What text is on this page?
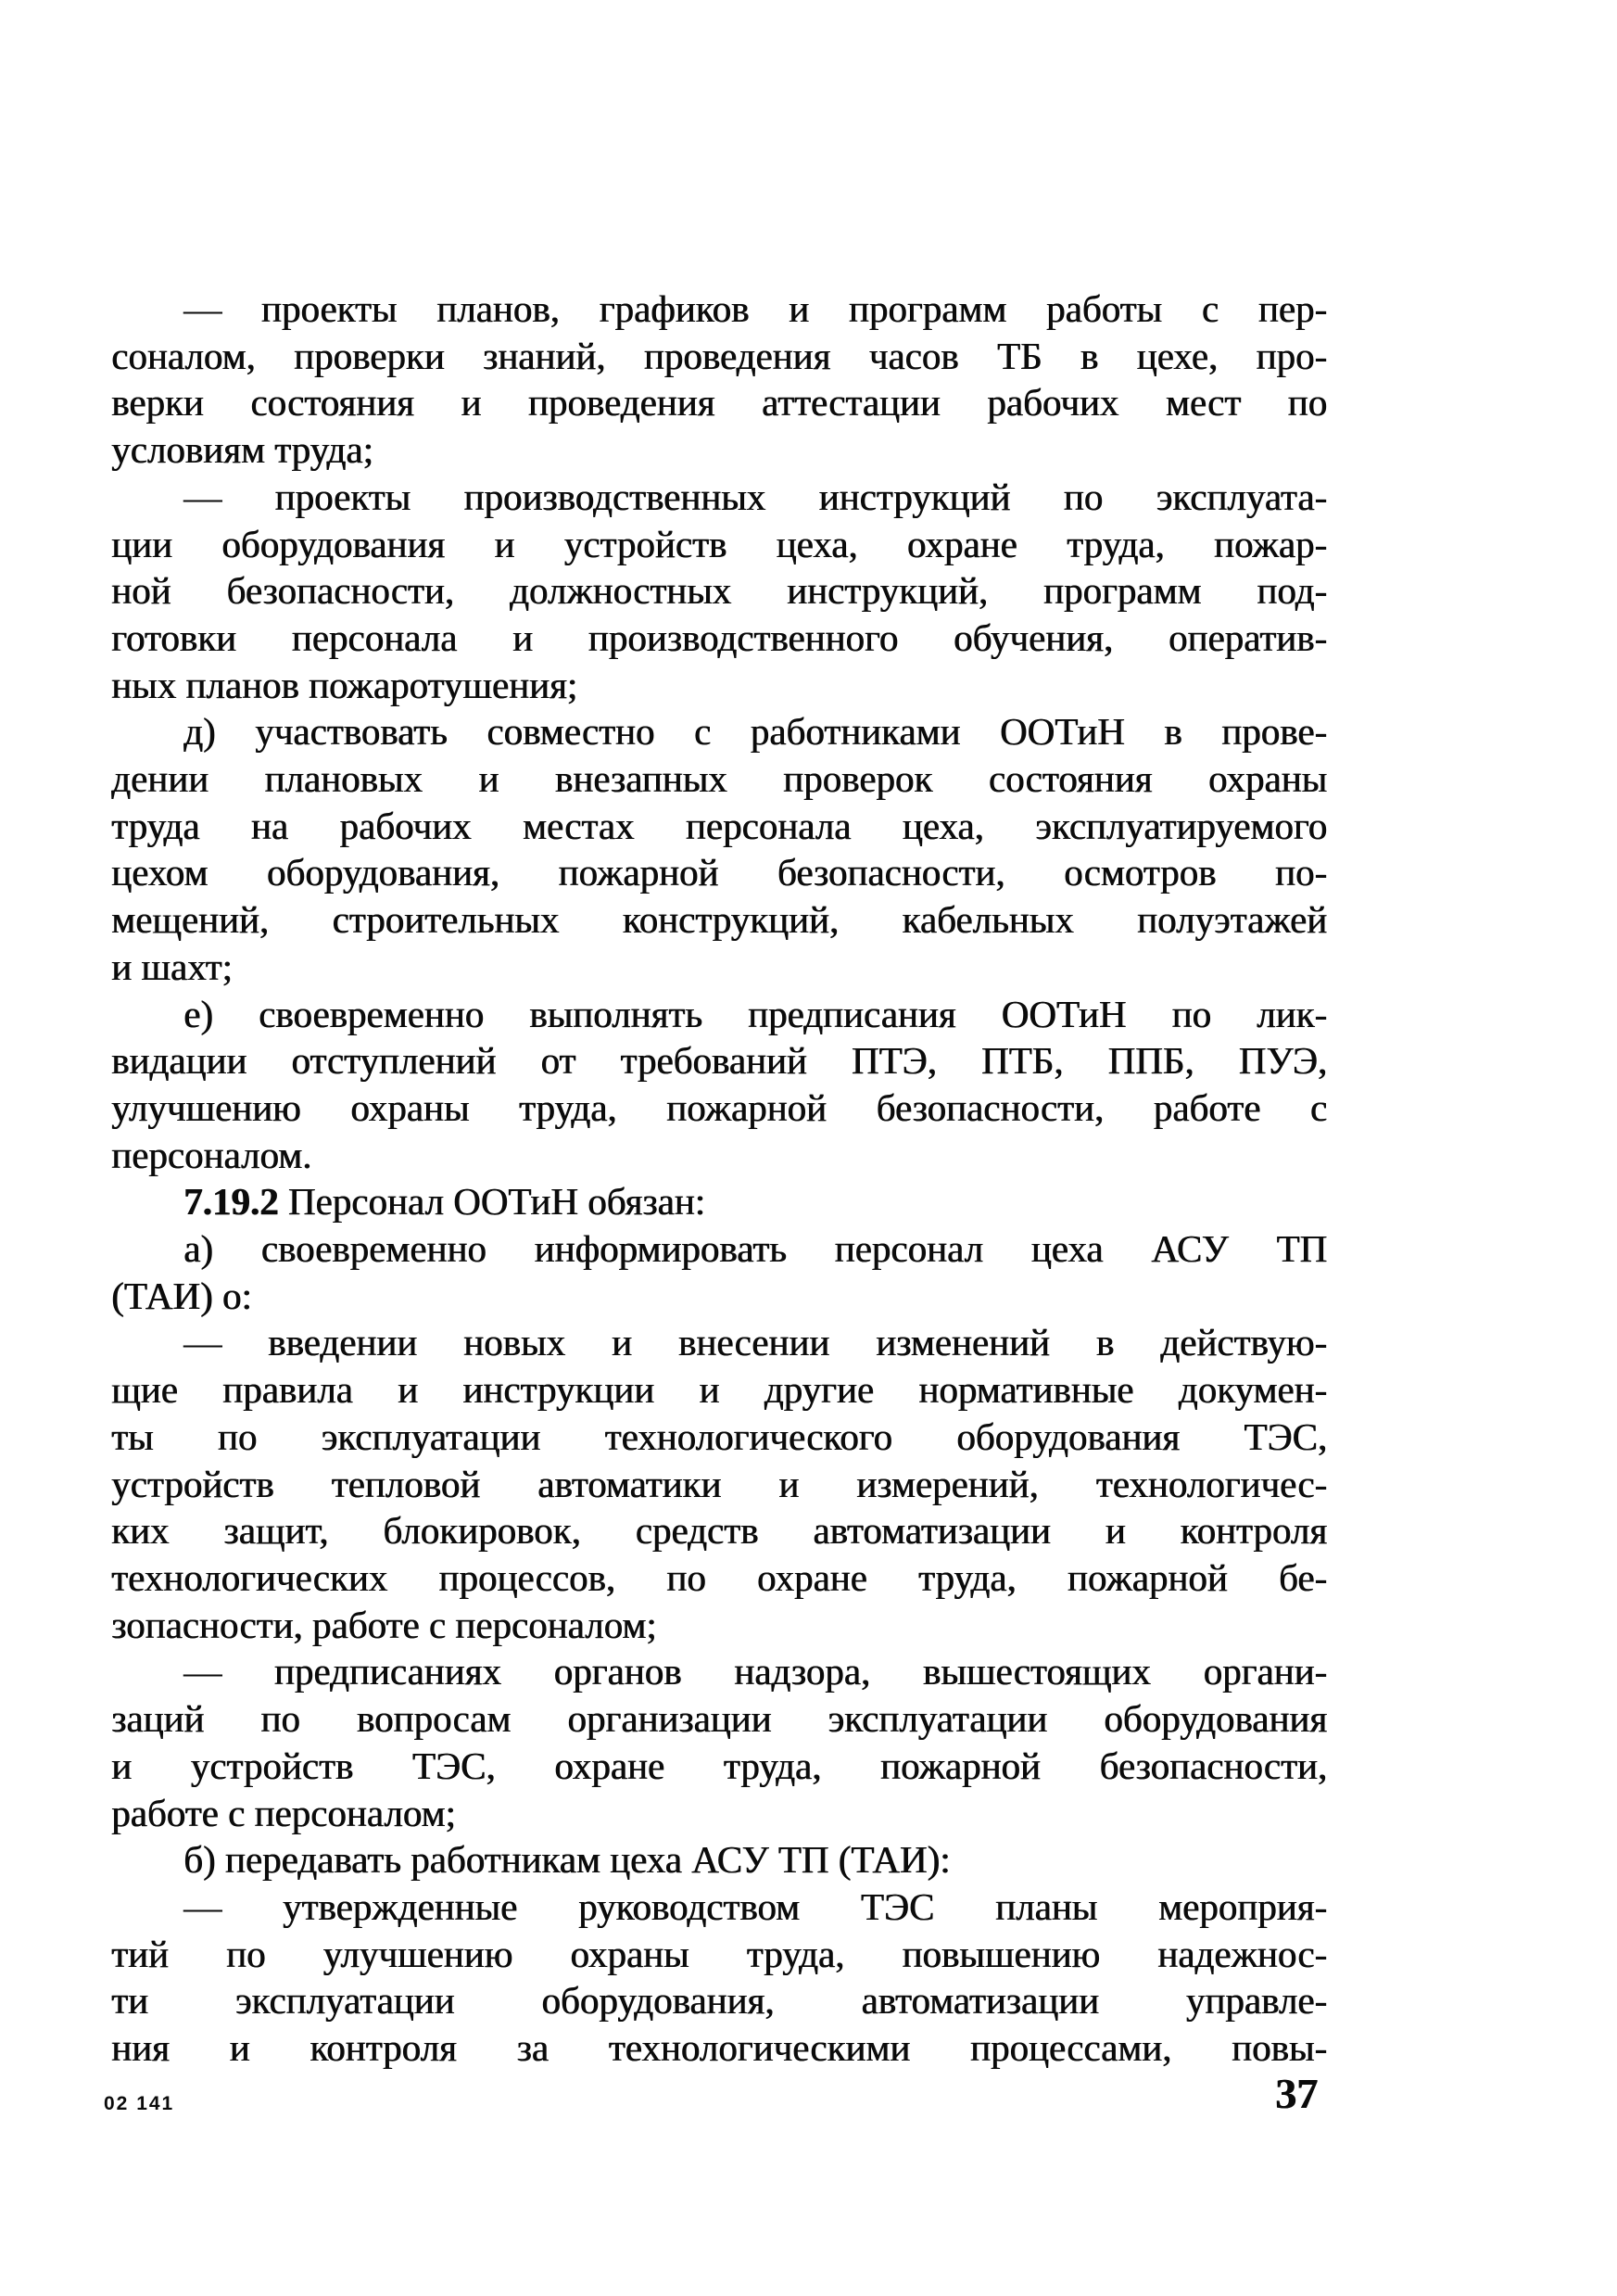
— проекты планов, графиков и программ работы с пер-
соналом, проверки знаний, проведения часов ТБ в цехе, про-
верки состояния и проведения аттестации рабочих мест по
условиям труда;
— проекты производственных инструкций по эксплуата-
ции оборудования и устройств цеха, охране труда, пожар-
ной безопасности, должностных инструкций, программ под-
готовки персонала и производственного обучения, оператив-
ных планов пожаротушения;
д) участвовать совместно с работниками ООТиН в прове-
дении плановых и внезапных проверок состояния охраны
труда на рабочих местах персонала цеха, эксплуатируемого
цехом оборудования, пожарной безопасности, осмотров по-
мещений, строительных конструкций, кабельных полуэтажей
и шахт;
е) своевременно выполнять предписания ООТиН по лик-
видации отступлений от требований ПТЭ, ПТБ, ППБ, ПУЭ,
улучшению охраны труда, пожарной безопасности, работе с
персоналом.
7.19.2 Персонал ООТиН обязан:
а) своевременно информировать персонал цеха АСУ ТП
(ТАИ) о:
— введении новых и внесении изменений в действую-
щие правила и инструкции и другие нормативные докумен-
ты по эксплуатации технологического оборудования ТЭС,
устройств тепловой автоматики и измерений, технологичес-
ких защит, блокировок, средств автоматизации и контроля
технологических процессов, по охране труда, пожарной бе-
зопасности, работе с персоналом;
— предписаниях органов надзора, вышестоящих органи-
заций по вопросам организации эксплуатации оборудования
и устройств ТЭС, охране труда, пожарной безопасности,
работе с персоналом;
б) передавать работникам цеха АСУ ТП (ТАИ):
— утвержденные руководством ТЭС планы мероприя-
тий по улучшению охраны труда, повышению надежнос-
ти эксплуатации оборудования, автоматизации управле-
ния и контроля за технологическими процессами, повы-
02 141	37
